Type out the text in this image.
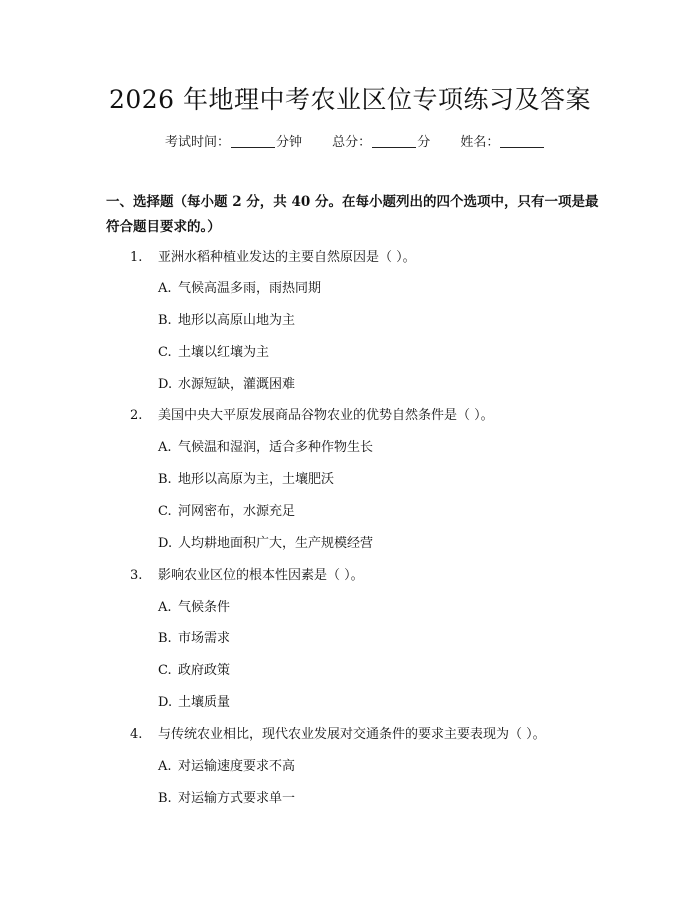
2026 年地理中考农业区位专项练习及答案
考试时间：	分钟 总分：	分 姓名：
一、选择题（每小题 2 分，共 40 分。在每小题列出的四个选项中，只有一项是最符合题目要求的。）
1. 亚洲水稻种植业发达的主要自然原因是（ ）。
A. 气候高温多雨，雨热同期
B. 地形以高原山地为主
C. 土壤以红壤为主
D. 水源短缺，灌溉困难
2. 美国中央大平原发展商品谷物农业的优势自然条件是（ ）。
A. 气候温和湿润，适合多种作物生长
B. 地形以高原为主，土壤肥沃
C. 河网密布，水源充足
D. 人均耕地面积广大，生产规模经营
3. 影响农业区位的根本性因素是（ ）。
A. 气候条件
B. 市场需求
C. 政府政策
D. 土壤质量
4. 与传统农业相比，现代农业发展对交通条件的要求主要表现为（ ）。
A. 对运输速度要求不高
B. 对运输方式要求单一
